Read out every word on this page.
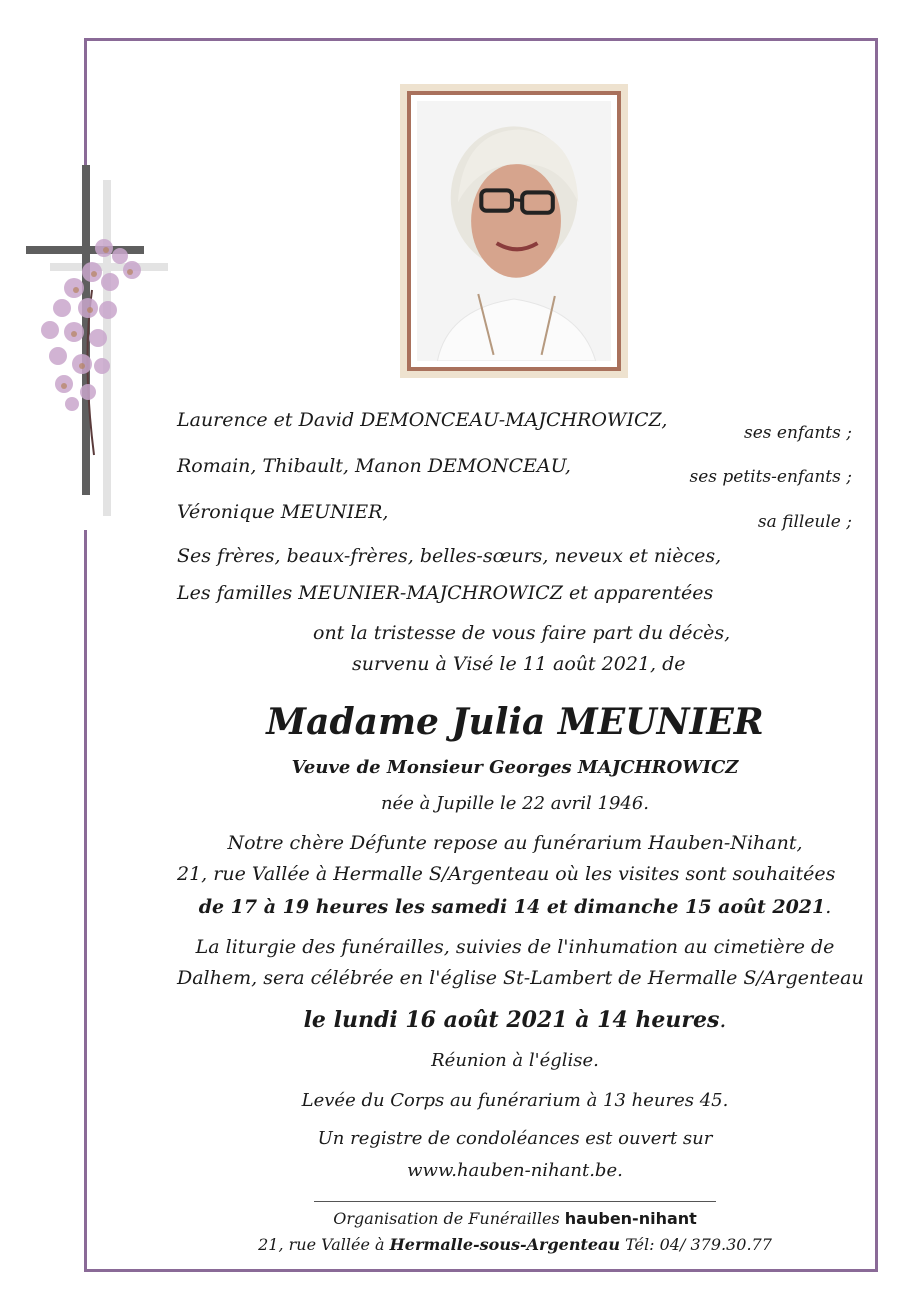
Laurence et David DEMONCEAU-MAJCHROWICZ,
ses enfants ;
Romain, Thibault, Manon DEMONCEAU,	ses petits-enfants ;
Véronique MEUNIER,	sa filleule ;
Ses frères, beaux-frères, belles-sœurs, neveux et nièces,
Les familles MEUNIER-MAJCHROWICZ et apparentées
ont la tristesse de vous faire part du décès,
survenu à Visé le 11 août 2021, de
Madame Julia MEUNIER
Veuve de Monsieur Georges MAJCHROWICZ
née à Jupille le 22 avril 1946.
Notre chère Défunte repose au funérarium Hauben-Nihant,
21, rue Vallée à Hermalle S/Argenteau où les visites sont souhaitées
de 17 à 19 heures les samedi 14 et dimanche 15 août 2021.
La liturgie des funérailles, suivies de l'inhumation au cimetière de
Dalhem, sera célébrée en l'église St-Lambert de Hermalle S/Argenteau
le lundi 16 août 2021 à 14 heures.
Réunion à l'église.
Levée du Corps au funérarium à 13 heures 45.
Un registre de condoléances est ouvert sur
www.hauben-nihant.be.
Organisation de Funérailles hauben-nihant
21, rue Vallée à Hermalle-sous-Argenteau Tél: 04/ 379.30.77
